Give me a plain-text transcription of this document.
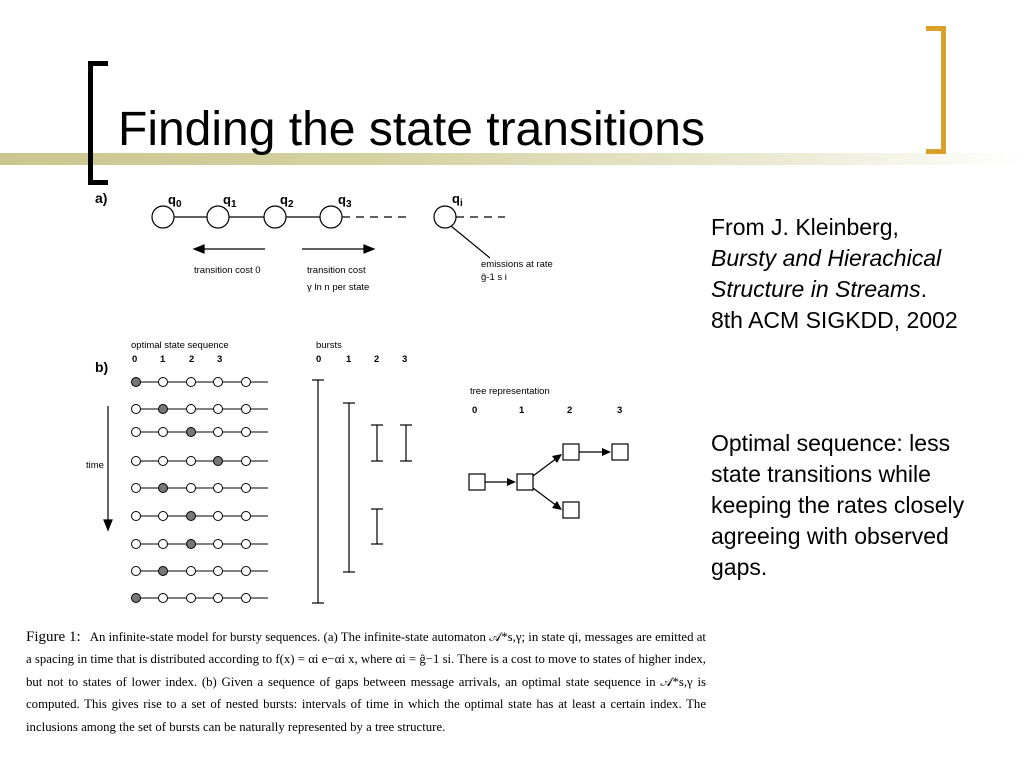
Finding the state transitions
a)	$q_0$	$q_1$	$q_2$	$q_3$	$q_i$
transition cost 0	transition cost
γ ln n per state
emissions at rate
ĝ-1 s i
b)
optimal state sequence
0 1 2 3
bursts
0	1 2 3
time
tree representation
0	1	2	3
From J. Kleinberg,
Bursty and Hierachical Structure in Streams.
8th ACM SIGKDD, 2002
Optimal sequence: less state transitions while keeping the rates closely agreeing with observed gaps.
Figure 1: An infinite-state model for bursty sequences. (a) The infinite-state automaton 𝒜*s,γ; in state qi, messages are emitted at a spacing in time that is distributed according to f(x) = αi e−αi x, where αi = ĝ−1 si. There is a cost to move to states of higher index, but not to states of lower index. (b) Given a sequence of gaps between message arrivals, an optimal state sequence in 𝒜*s,γ is computed. This gives rise to a set of nested bursts: intervals of time in which the optimal state has at least a certain index. The inclusions among the set of bursts can be naturally represented by a tree structure.
